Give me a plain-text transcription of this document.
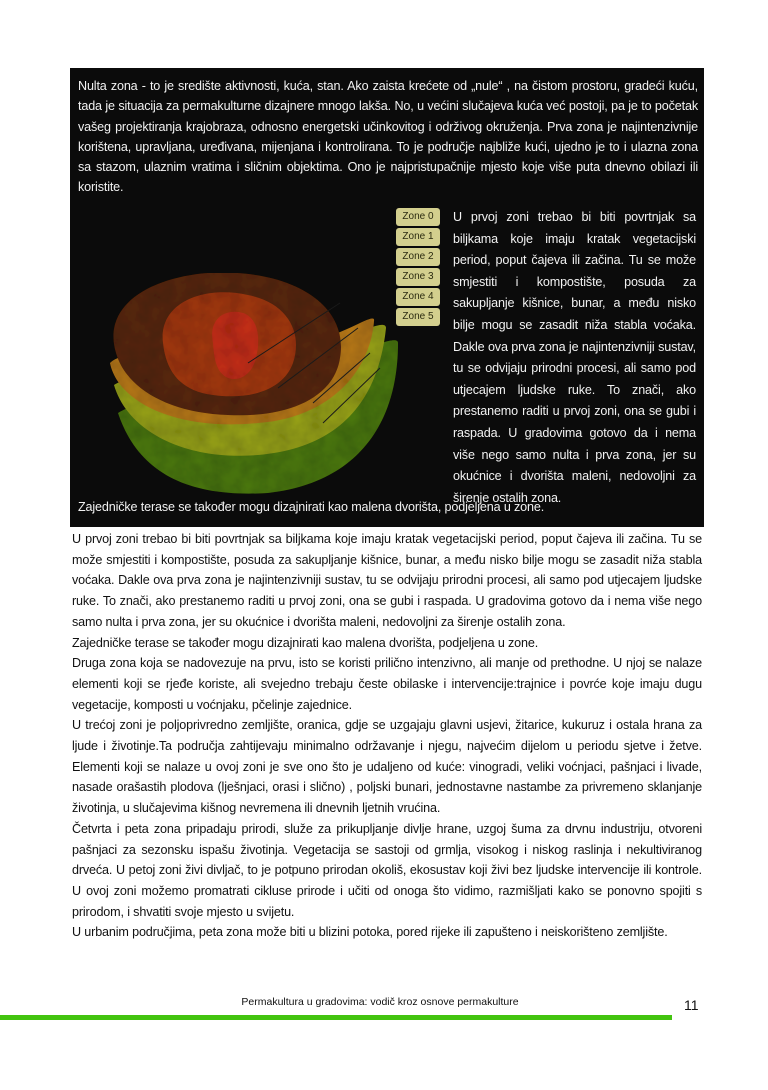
Nulta zona - to je središte aktivnosti, kuća, stan. Ako zaista krećete od „nule“ , na čistom prostoru, gradeći kuću, tada je situacija za permakulturne dizajnere mnogo lakša. No, u većini slučajeva kuća već postoji, pa je to početak vašeg projektiranja krajobraza, odnosno energetski učinkovitog i održivog okruženja. Prva zona je najintenzivnije korištena, upravljana, uređivana, mijenjana i kontrolirana. To je područje najbliže kući, ujedno je to i ulazna zona sa stazom, ulaznim vratima i sličnim objektima. Ono je najpristupačnije mjesto koje više puta dnevno obilazi ili koristite.
Zone 0
Zone 1
Zone 2
Zone 3
Zone 4
Zone 5
U prvoj zoni trebao bi biti povrtnjak sa biljkama koje imaju kratak vegetacijski period, poput čajeva ili začina. Tu se može smjestiti i kompostište, posuda za sakupljanje kišnice, bunar, a među nisko bilje mogu se zasadit niža stabla voćaka. Dakle ova prva zona je najintenzivniji sustav, tu se odvijaju prirodni procesi, ali samo pod utjecajem ljudske ruke. To znači, ako prestanemo raditi u prvoj zoni, ona se gubi i raspada. U gradovima gotovo da i nema više nego samo nulta i prva zona, jer su okućnice i dvorišta maleni, nedovoljni za širenje ostalih zona.
Zajedničke terase se također mogu dizajnirati kao malena dvorišta, podjeljena u zone.

U prvoj zoni trebao bi biti povrtnjak sa biljkama koje imaju kratak vegetacijski period, poput čajeva ili začina. Tu se može smjestiti i kompostište, posuda za sakupljanje kišnice, bunar, a među nisko bilje mogu se zasadit niža stabla voćaka. Dakle ova prva zona je najintenzivniji sustav, tu se odvijaju prirodni procesi, ali samo pod utjecajem ljudske ruke. To znači, ako prestanemo raditi u prvoj zoni, ona se gubi i raspada. U gradovima gotovo da i nema više nego samo nulta i prva zona, jer su okućnice i dvorišta maleni, nedovoljni za širenje ostalih zona.

Zajedničke terase se također mogu dizajnirati kao malena dvorišta, podjeljena u zone.

Druga zona koja se nadovezuje na prvu, isto se koristi prilično intenzivno, ali manje od prethodne. U njoj se nalaze elementi koji se rjeđe koriste, ali svejedno trebaju česte obilaske i intervencije:trajnice i povrće koje imaju dugu vegetacije, komposti u voćnjaku, pčelinje zajednice.

U trećoj zoni je poljoprivredno zemljište, oranica, gdje se uzgajaju glavni usjevi, žitarice, kukuruz i ostala hrana za ljude i životinje.Ta područja zahtijevaju minimalno održavanje i njegu, najvećim dijelom u periodu sjetve i žetve. Elementi koji se nalaze u ovoj zoni je sve ono što je udaljeno od kuće: vinogradi, veliki voćnjaci, pašnjaci i livade, nasade orašastih plodova (lješnjaci, orasi i slično) , poljski bunari, jednostavne nastambe za privremeno sklanjanje životinja, u slučajevima kišnog nevremena ili dnevnih ljetnih vrućina.

Četvrta i peta zona pripadaju prirodi, služe za prikupljanje divlje hrane, uzgoj šuma za drvnu industriju, otvoreni pašnjaci za sezonsku ispašu životinja. Vegetacija se sastoji od grmlja, visokog i niskog raslinja i nekultiviranog drveća. U petoj zoni živi divljač, to je potpuno prirodan okoliš, ekosustav koji živi bez ljudske intervencije ili kontrole. U ovoj zoni možemo promatrati cikluse prirode i učiti od onoga što vidimo, razmišljati kako se ponovno spojiti s prirodom, i shvatiti svoje mjesto u svijetu.

U urbanim područjima, peta zona može biti u blizini potoka, pored rijeke ili zapušteno i neiskorišteno zemljište.

Permakultura u gradovima: vodič kroz osnove permakulture	11
